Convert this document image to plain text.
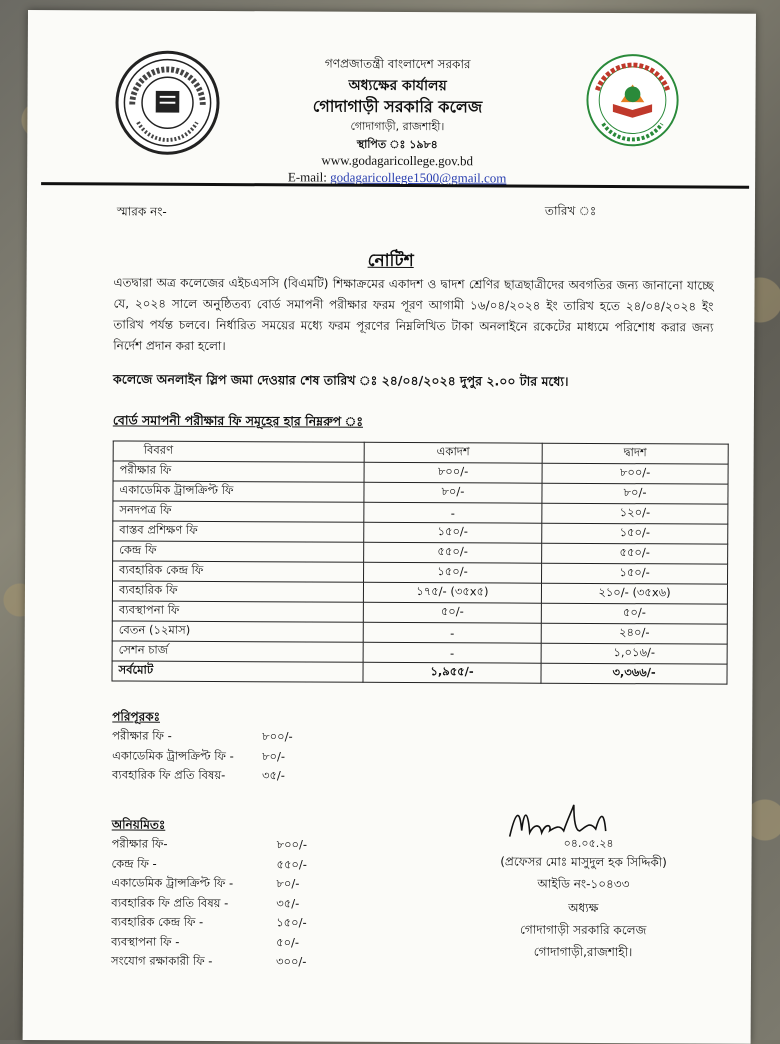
গণপ্রজাতন্ত্রী বাংলাদেশ সরকার
অধ্যক্ষের কার্যালয়
গোদাগাড়ী সরকারি কলেজ
গোদাগাড়ী, রাজশাহী।
স্থাপিত ঃ ১৯৮৪
www.godagaricollege.gov.bd
E-mail: godagaricollege1500@gmail.com
স্মারক নং-	তারিখ ঃ
নোটিশ
এতদ্বারা অত্র কলেজের এইচএসসি (বিএমটি) শিক্ষাক্রমের একাদশ ও দ্বাদশ শ্রেণির ছাত্রছাত্রীদের অবগতির জন্য জানানো যাচ্ছে যে, ২০২৪ সালে অনুষ্ঠিতব্য বোর্ড সমাপনী পরীক্ষার ফরম পূরণ আগামী ১৬/০৪/২০২৪ ইং তারিখ হতে ২৪/০৪/২০২৪ ইং তারিখ পর্যন্ত চলবে। নির্ধারিত সময়ের মধ্যে ফরম পূরণের নিম্নলিখিত টাকা অনলাইনে রকেটের মাধ্যমে পরিশোধ করার জন্য নির্দেশ প্রদান করা হলো।
কলেজে অনলাইন স্লিপ জমা দেওয়ার শেষ তারিখ ঃ ২৪/০৪/২০২৪ দুপুর ২.০০ টার মধ্যে।
বোর্ড সমাপনী পরীক্ষার ফি সমূহের হার নিম্নরুপ ঃ
বিবরণ	একাদশ	দ্বাদশ
পরীক্ষার ফি	৮০০/-	৮০০/-
একাডেমিক ট্রান্সক্রিপ্ট ফি	৮০/-	৮০/-
সনদপত্র ফি	-	১২০/-
বাস্তব প্রশিক্ষণ ফি	১৫০/-	১৫০/-
কেন্দ্র ফি	৫৫০/-	৫৫০/-
ব্যবহারিক কেন্দ্র ফি	১৫০/-	১৫০/-
ব্যবহারিক ফি	১৭৫/- (৩৫x৫)	২১০/- (৩৫x৬)
ব্যবস্থাপনা ফি	৫০/-	৫০/-
বেতন (১২মাস)	-	২৪০/-
সেশন চার্জ	-	১,০১৬/-
সর্বমোট	১,৯৫৫/-	৩,৩৬৬/-
পরিপূরকঃ
পরীক্ষার ফি -	৮০০/-
একাডেমিক ট্রান্সক্রিপ্ট ফি -	৮০/-
ব্যবহারিক ফি প্রতি বিষয়-	৩৫/-
অনিয়মিতঃ
পরীক্ষার ফি-	৮০০/-
কেন্দ্র ফি -	৫৫০/-
একাডেমিক ট্রান্সক্রিপ্ট ফি -	৮০/-
ব্যবহারিক ফি প্রতি বিষয় -	৩৫/-
ব্যবহারিক কেন্দ্র ফি -	১৫০/-
ব্যবস্থাপনা ফি -	৫০/-
সংযোগ রক্ষাকারী ফি -	৩০০/-
০৪.০৫.২৪
(প্রফেসর মোঃ মাসুদুল হক সিদ্দিকী)
আইডি নং-১০৪৩৩
অধ্যক্ষ
গোদাগাড়ী সরকারি কলেজ
গোদাগাড়ী,রাজশাহী।
